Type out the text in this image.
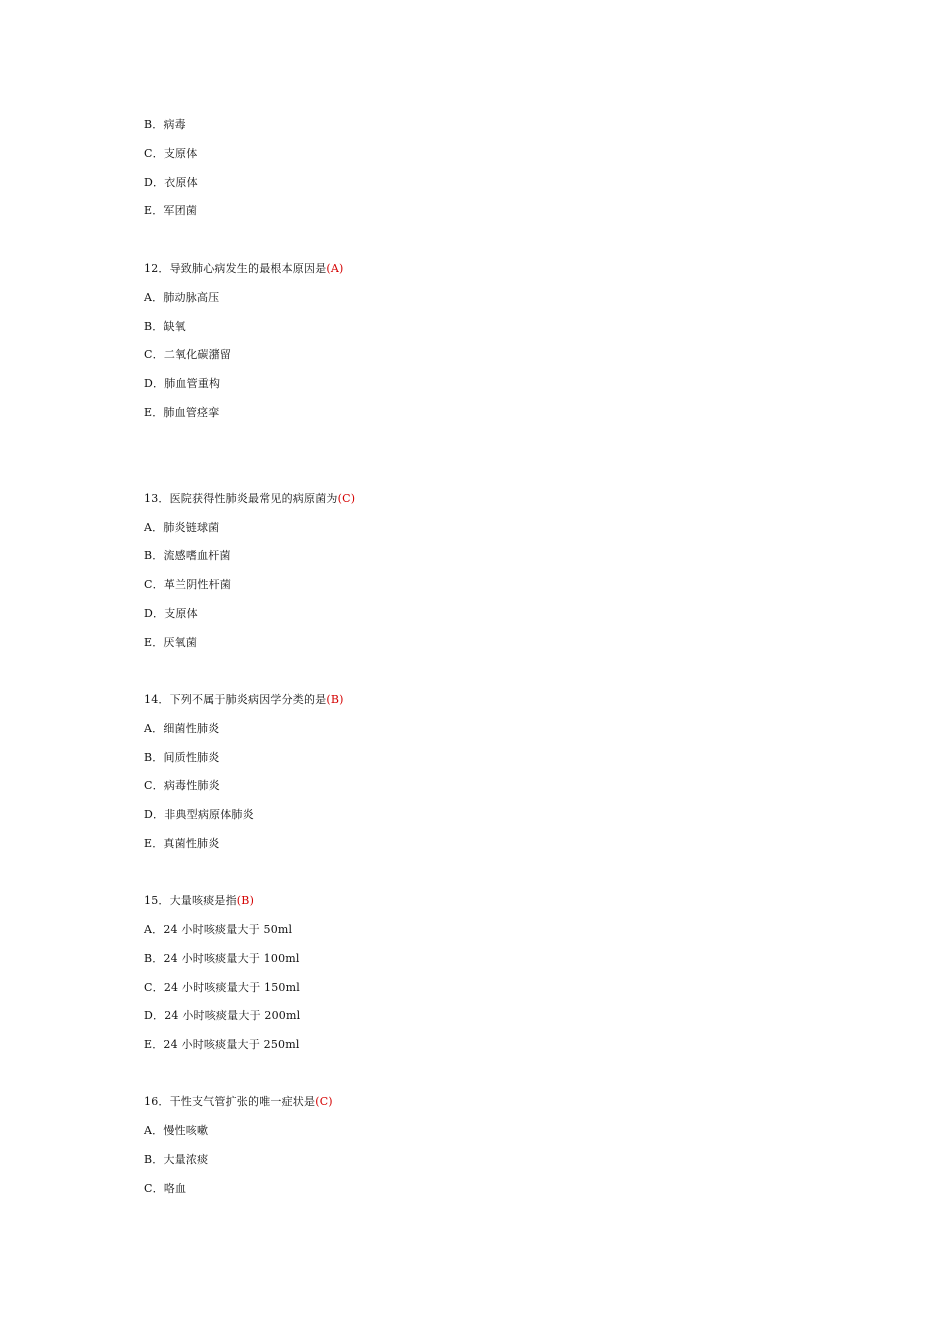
B．病毒
C．支原体
D．衣原体
E．军团菌
12．导致肺心病发生的最根本原因是(A)
A．肺动脉高压
B．缺氧
C．二氧化碳潴留
D．肺血管重构
E．肺血管痉挛
13．医院获得性肺炎最常见的病原菌为(C)
A．肺炎链球菌
B．流感嗜血杆菌
C．革兰阴性杆菌
D．支原体
E．厌氧菌
14．下列不属于肺炎病因学分类的是(B)
A．细菌性肺炎
B．间质性肺炎
C．病毒性肺炎
D．非典型病原体肺炎
E．真菌性肺炎
15．大量咳痰是指(B)
A．24 小时咳痰量大于 50ml
B．24 小时咳痰量大于 100ml
C．24 小时咳痰量大于 150ml
D．24 小时咳痰量大于 200ml
E．24 小时咳痰量大于 250ml
16．干性支气管扩张的唯一症状是(C)
A．慢性咳嗽
B．大量浓痰
C．咯血
